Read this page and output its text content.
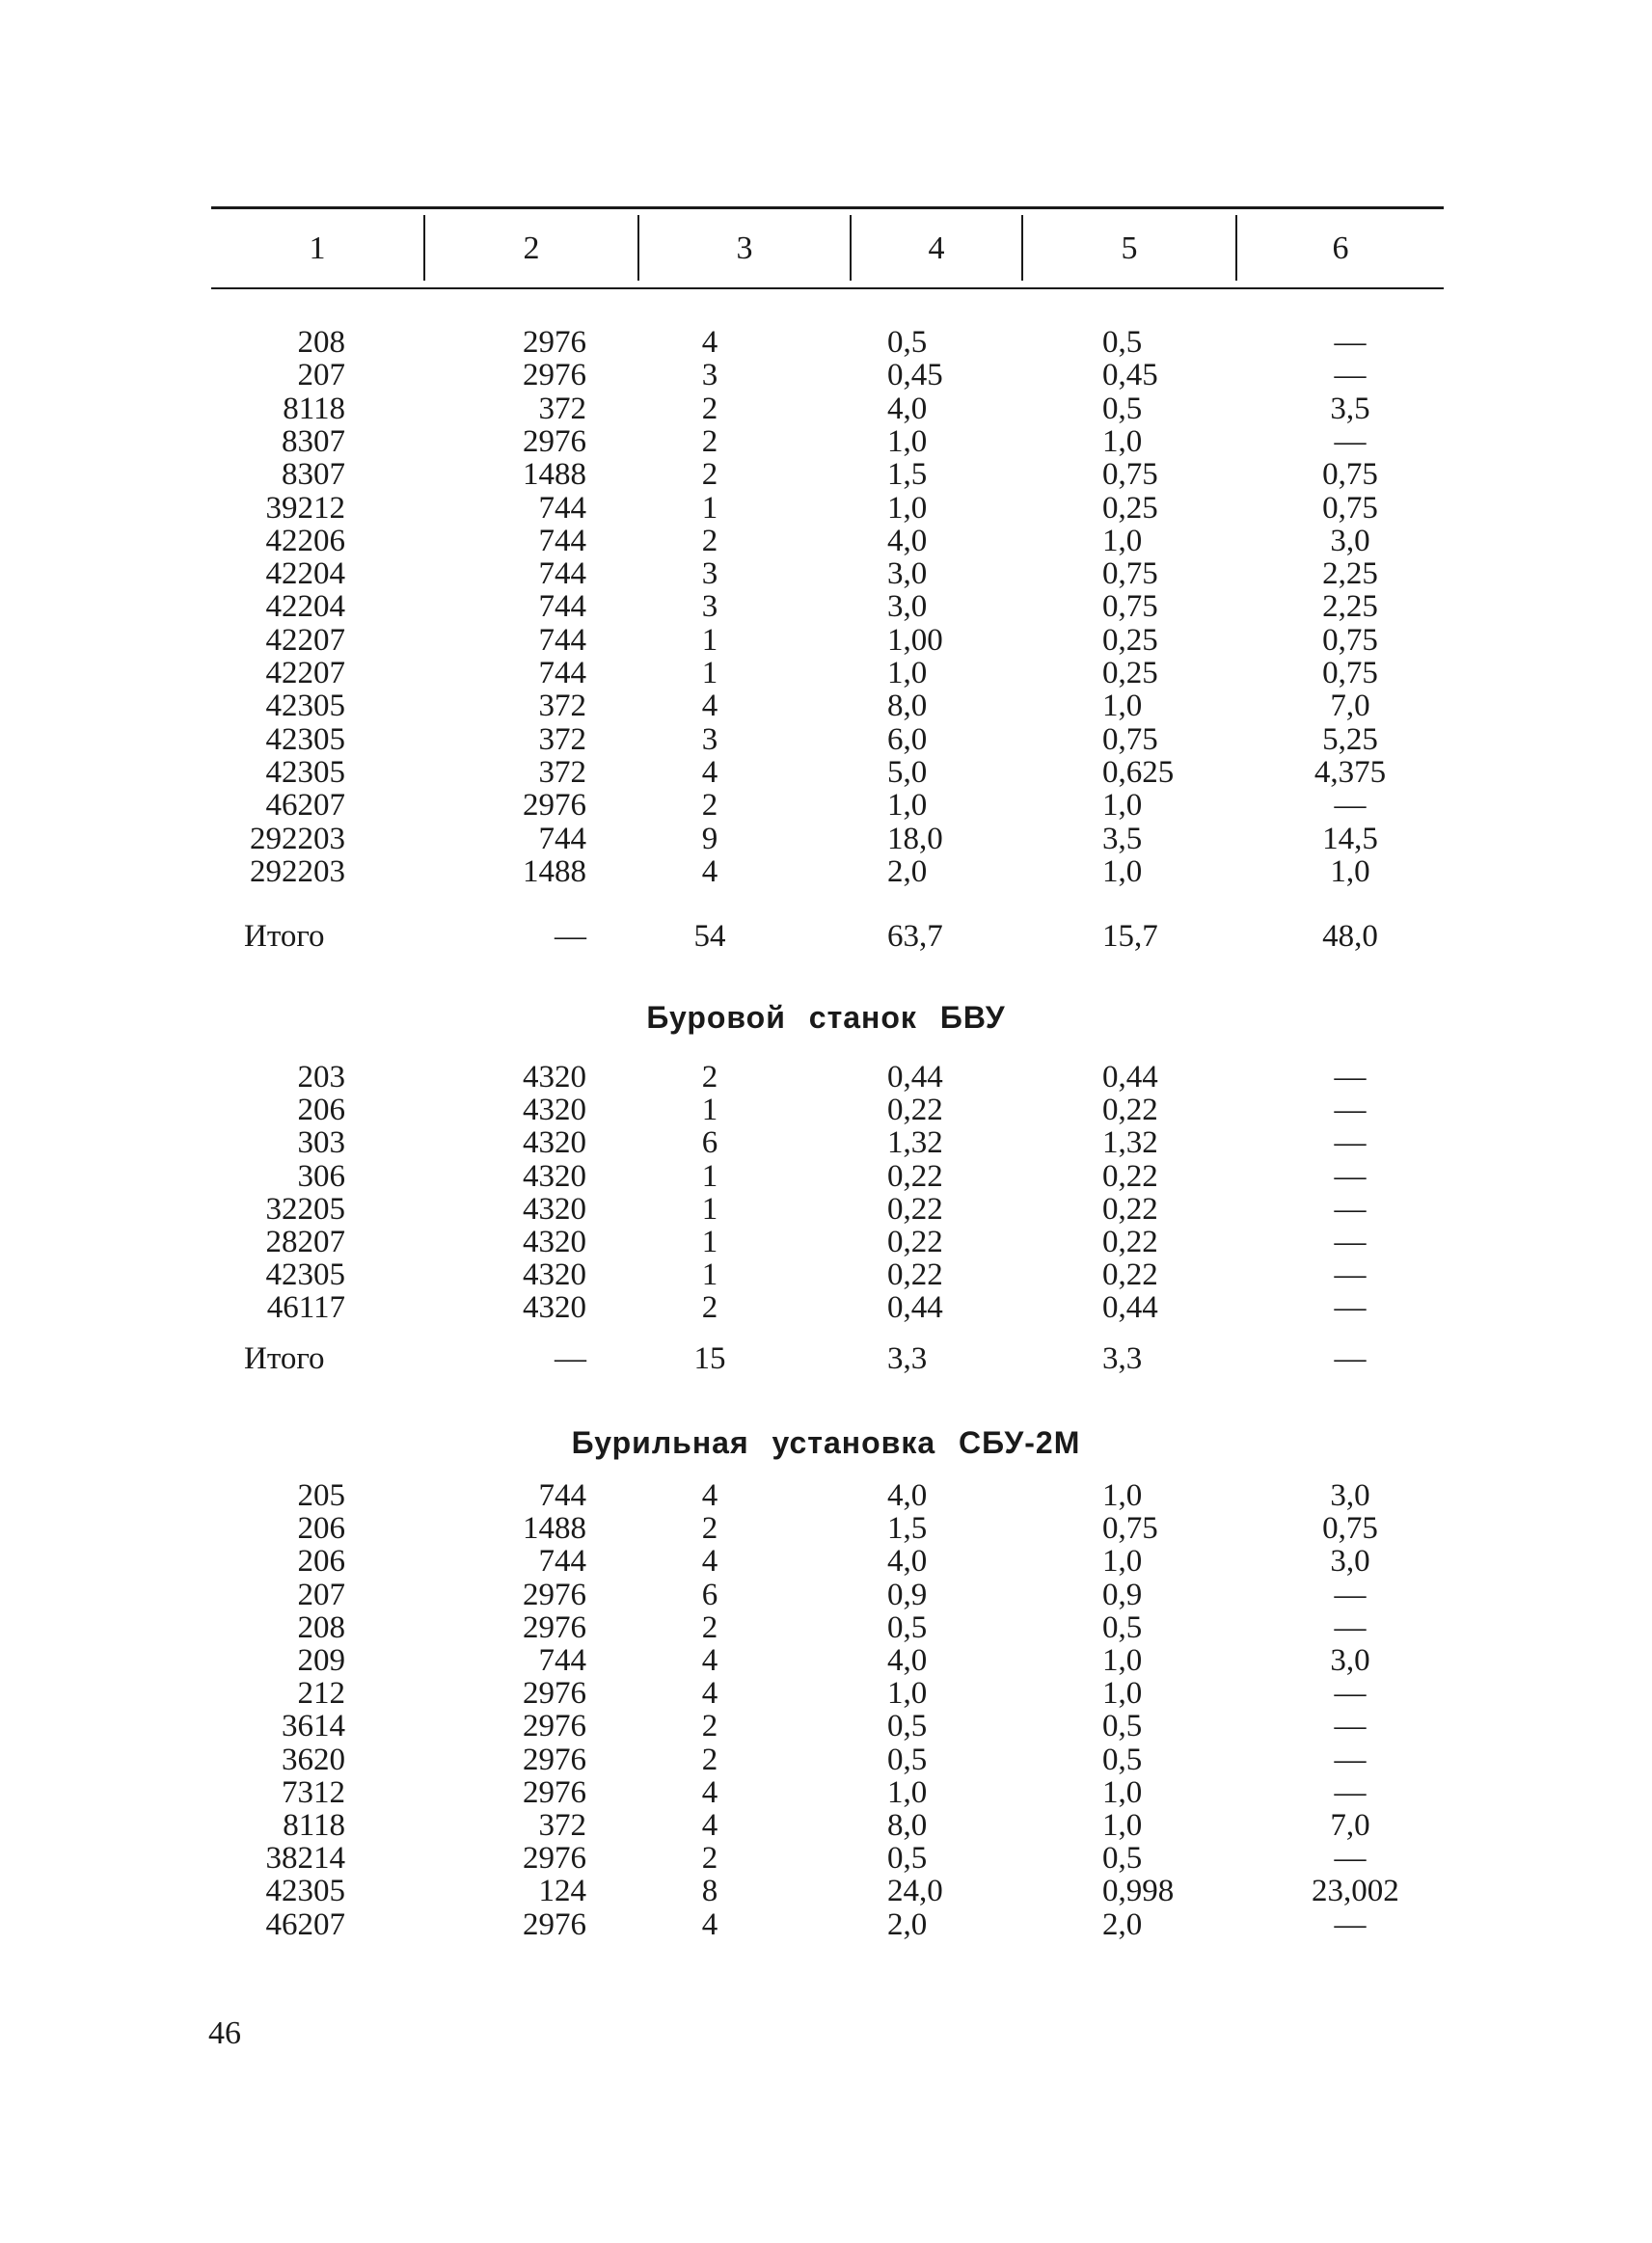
1	2	3	4	5	6
208	2976	4	0,5	0,5	—
207	2976	3	0,45	0,45	—
8118	372	2	4,0	0,5	3,5
8307	2976	2	1,0	1,0	—
8307	1488	2	1,5	0,75	0,75
39212	744	1	1,0	0,25	0,75
42206	744	2	4,0	1,0	3,0
42204	744	3	3,0	0,75	2,25
42204	744	3	3,0	0,75	2,25
42207	744	1	1,00	0,25	0,75
42207	744	1	1,0	0,25	0,75
42305	372	4	8,0	1,0	7,0
42305	372	3	6,0	0,75	5,25
42305	372	4	5,0	0,625	4,375
46207	2976	2	1,0	1,0	—
292203	744	9	18,0	3,5	14,5
292203	1488	4	2,0	1,0	1,0
Итого	—	54	63,7	15,7	48,0
Буровой станок БВУ
203	4320	2	0,44	0,44	—
206	4320	1	0,22	0,22	—
303	4320	6	1,32	1,32	—
306	4320	1	0,22	0,22	—
32205	4320	1	0,22	0,22	—
28207	4320	1	0,22	0,22	—
42305	4320	1	0,22	0,22	—
46117	4320	2	0,44	0,44	—
Итого	—	15	3,3	3,3	—
Бурильная установка СБУ-2М
205	744	4	4,0	1,0	3,0
206	1488	2	1,5	0,75	0,75
206	744	4	4,0	1,0	3,0
207	2976	6	0,9	0,9	—
208	2976	2	0,5	0,5	—
209	744	4	4,0	1,0	3,0
212	2976	4	1,0	1,0	—
3614	2976	2	0,5	0,5	—
3620	2976	2	0,5	0,5	—
7312	2976	4	1,0	1,0	—
8118	372	4	8,0	1,0	7,0
38214	2976	2	0,5	0,5	—
42305	124	8	24,0	0,998	23,002
46207	2976	4	2,0	2,0	—
46
